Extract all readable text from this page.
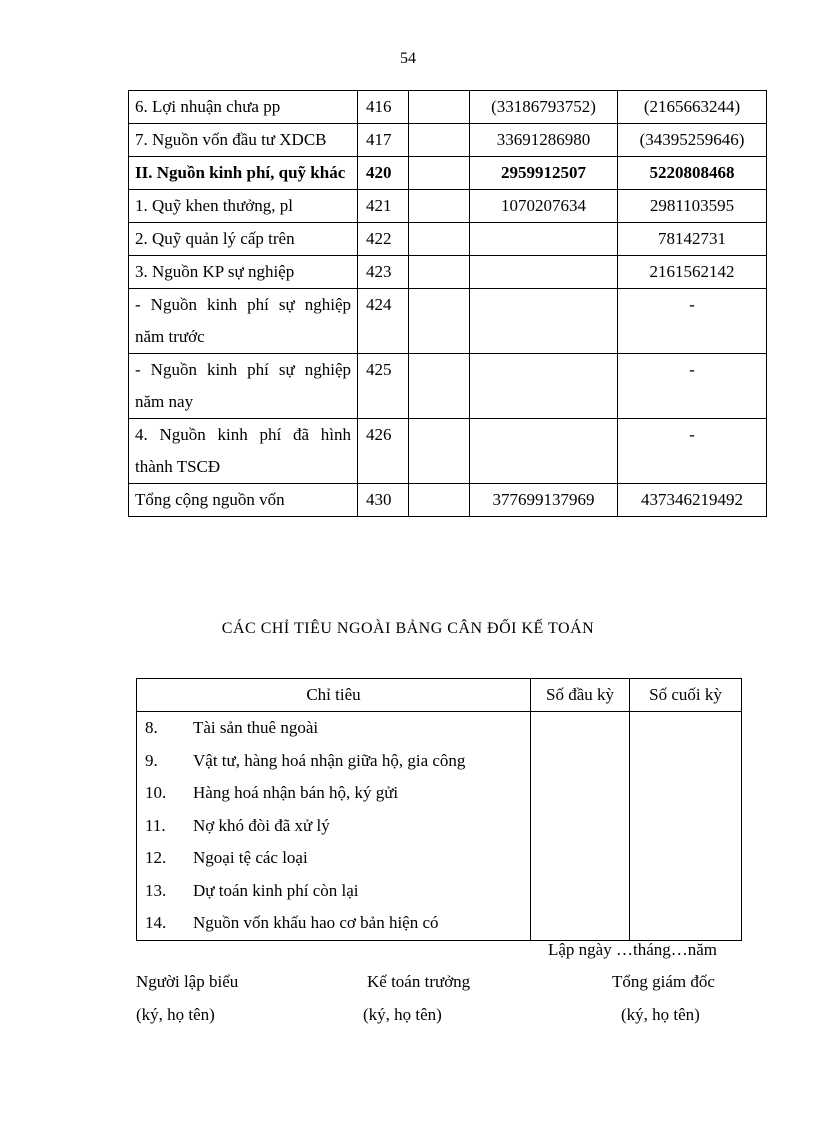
54
6. Lợi nhuận chưa pp	416		(33186793752)	(2165663244)
7. Nguồn vốn đầu tư XDCB	417		33691286980	(34395259646)
II. Nguồn kinh phí, quỹ khác	420		2959912507	5220808468
1. Quỹ khen thưởng, pl	421		1070207634	2981103595
2. Quỹ quản lý cấp trên	422			78142731
3. Nguồn KP sự nghiệp	423			2161562142
- Nguồn kinh phí sự nghiệp năm trước	424			-
- Nguồn kinh phí sự nghiệp năm nay	425			-
4. Nguồn kinh phí đã hình thành TSCĐ	426			-
Tổng cộng nguồn vốn	430		377699137969	437346219492
CÁC CHỈ TIÊU NGOÀI BẢNG CÂN ĐỐI KẾ TOÁN
Chỉ tiêu	Số đầu kỳ	Số cuối kỳ
8. Tài sản thuê ngoài		
9. Vật tư, hàng hoá nhận giữa hộ, gia công		
10. Hàng hoá nhận bán hộ, ký gửi		
11. Nợ khó đòi đã xử lý		
12. Ngoại tệ các loại		
13. Dự toán kinh phí còn lại		
14. Nguồn vốn khấu hao cơ bản hiện có		
Lập ngày …tháng…năm
Người lập biểu
(ký, họ tên)
Kế toán trưởng
(ký, họ tên)
Tổng giám đốc
(ký, họ tên)
